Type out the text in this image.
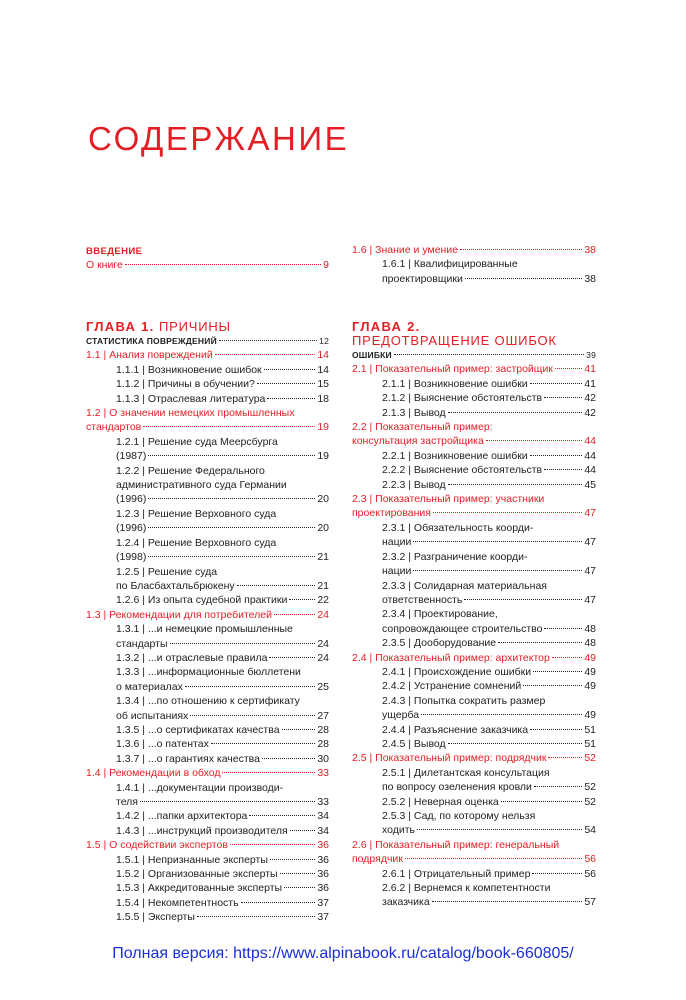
СОДЕРЖАНИЕ

ВВЕДЕНИЕ

О книге	9
1.6 | Знание и умение	38
1.6.1 | Квалифицированные
проектировщики	38
ГЛАВА 1. ПРИЧИНЫ
СТАТИСТИКА ПОВРЕЖДЕНИЙ	12
1.1 | Анализ повреждений	14
1.1.1 | Возникновение ошибок	14
1.1.2 | Причины в обучении?	15
1.1.3 | Отраслевая литература	18
1.2 | О значении немецких промышленных
стандартов	19
1.2.1 | Решение суда Меерсбурга
(1987)	19
1.2.2 | Решение Федерального
административного суда Германии
(1996)	20
1.2.3 | Решение Верховного суда
(1996)	20
1.2.4 | Решение Верховного суда
(1998)	21
1.2.5 | Решение суда
по Бласбахтальбрюкену	21
1.2.6 | Из опыта судебной практики	22
1.3 | Рекомендации для потребителей	24
1.3.1 | ...и немецкие промышленные
стандарты	24
1.3.2 | ...и отраслевые правила	24
1.3.3 | ...информационные бюллетени
о материалах	25
1.3.4 | ...по отношению к сертификату
об испытаниях	27
1.3.5 | ...о сертификатах качества	28
1.3.6 | ...о патентах	28
1.3.7 | ...о гарантиях качества	30
1.4 | Рекомендации в обход	33
1.4.1 | ...документации производи-
теля	33
1.4.2 | ...папки архитектора	34
1.4.3 | ...инструкций производителя	34
1.5 | О содействии экспертов	36
1.5.1 | Непризнанные эксперты	36
1.5.2 | Организованные эксперты	36
1.5.3 | Аккредитованные эксперты	36
1.5.4 | Некомпетентность	37
1.5.5 | Эксперты	37
ГЛАВА 2.
ПРЕДОТВРАЩЕНИЕ ОШИБОК
ОШИБКИ	39
2.1 | Показательный пример: застройщик	41
2.1.1 | Возникновение ошибки	41
2.1.2 | Выяснение обстоятельств	42
2.1.3 | Вывод	42
2.2 | Показательный пример:
консультация застройщика	44
2.2.1 | Возникновение ошибки	44
2.2.2 | Выяснение обстоятельств	44
2.2.3 | Вывод	45
2.3 | Показательный пример: участники
проектирования	47
2.3.1 | Обязательность коорди-
нации	47
2.3.2 | Разграничение коорди-
нации	47
2.3.3 | Солидарная материальная
ответственность	47
2.3.4 | Проектирование,
сопровождающее строительство	48
2.3.5 | Дооборудование	48
2.4 | Показательный пример: архитектор	49
2.4.1 | Происхождение ошибки	49
2.4.2 | Устранение сомнений	49
2.4.3 | Попытка сократить размер
ущерба	49
2.4.4 | Разъяснение заказчика	51
2.4.5 | Вывод	51
2.5 | Показательный пример: подрядчик	52
2.5.1 | Дилетантская консультация
по вопросу озеленения кровли	52
2.5.2 | Неверная оценка	52
2.5.3 | Сад, по которому нельзя
ходить	54
2.6 | Показательный пример: генеральный
подрядчик	56
2.6.1 | Отрицательный пример	56
2.6.2 | Вернемся к компетентности
заказчика	57
Полная версия: https://www.alpinabook.ru/catalog/book-660805/
